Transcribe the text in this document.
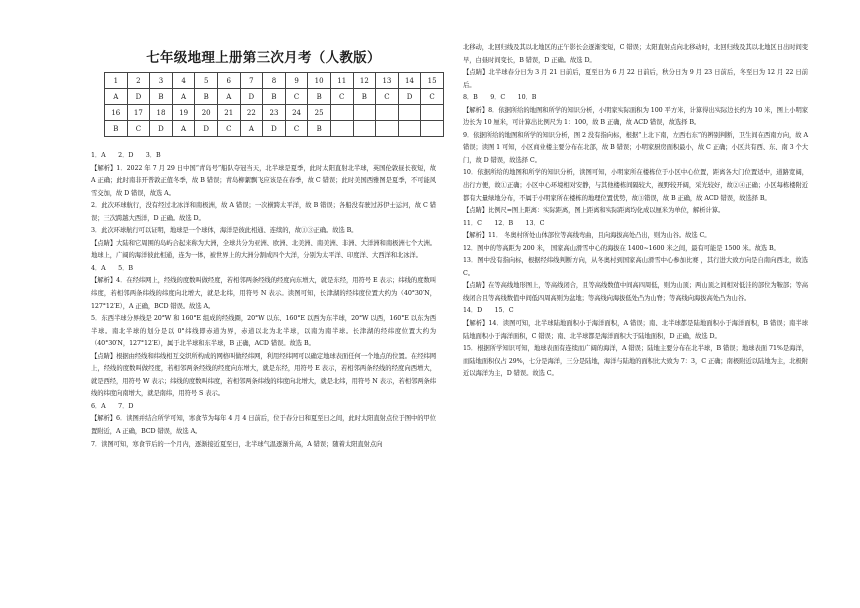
七年级地理上册第三次月考（人教版）
1	2	3	4	5	6	7	8	9	10	11	12	13	14	15
A	D	B	A	B	A	D	B	C	B	C	B	C	D	C
16	17	18	19	20	21	22	23	24	25					
B	C	D	A	D	C	A	D	C	B					

1．A　　2．D　　3．B

【解析】1．2022 年 7 月 29 日中国“青岛号”船队夺冠当天，北半球是夏季，此时太阳直射北半球，英国伦敦昼长夜短，故 A 正确；此时南非开普敦正值冬季，故 B 错误；青岛柳絮飘飞应该是在春季，故 C 错误；此时美国西雅图是夏季，不可能风雪交加，故 D 错误，故选 A。

2．此次环球航行，没有经过北冰洋和南极洲，故 A 错误；一次横跨太平洋，故 B 错误；各船没有驶过苏伊士运河，故 C 错误；三次跨越大西洋，D 正确。故选 D。

3．此次环球航行可以证明，地球是一个球体，海洋是彼此相通、连续的，故①③正确。故选 B。

【点睛】大陆和它周围的岛屿合起来称为大洲，全球共分为亚洲、欧洲、北美洲、南美洲、非洲、大洋洲和南极洲七个大洲。地球上，广阔的海洋彼此相通，连为一体，被世界上的大洲分割成四个大洋，分别为太平洋、印度洋、大西洋和北冰洋。

4．A　　5．B

【解析】4．在经纬网上，经线的度数叫做经度，若相邻两条经线的经度向东增大，就是东经，用符号 E 表示；纬线的度数叫纬度，若相邻两条纬线的纬度向北增大，就是北纬，用符号 N 表示。读图可知，长津湖的经纬度位置大约为（40°30′N，127°12′E），A 正确，BCD 错误。故选 A。

5．东西半球分界线是 20°W 和 160°E 组成的经线圈，20°W 以东、160°E 以西为东半球，20°W 以西，160°E 以东为西半球。南北半球的划分是以 0°纬线即赤道为界，赤道以北为北半球，以南为南半球。长津湖的经纬度位置大约为（40°30′N，127°12′E），属于北半球和东半球，B 正确，ACD 错误。故选 B。

【点睛】根据由经线和纬线相互交织所构成的网格叫做经纬网，利用经纬网可以确定地球表面任何一个地点的位置。在经纬网上，经线的度数叫做经度，若相邻两条经线的经度向东增大，就是东经，用符号 E 表示，若相邻两条经线的经度向西增大，就是西经，用符号 W 表示；纬线的度数叫纬度，若相邻两条纬线的纬度向北增大，就是北纬，用符号 N 表示，若相邻两条纬线的纬度向南增大，就是南纬，用符号 S 表示。

6．A　　7．D

【解析】6．读图并结合所学可知，寒食节为每年 4 月 4 日前后，位于春分日和夏至日之间，此时太阳直射点位于图中的甲位置附近，A 正确，BCD 错误，故选 A。

7．读图可知，寒食节后的一个月内，逐渐接近夏至日，北半球气温逐渐升高，A 错误；随着太阳直射点向

北移动，北回归线及其以北地区的正午影长会逐渐变短，C 错误；太阳直射点向北移动时，北回归线及其以北地区日出时间变早，白昼时间变长，B 错误，D 正确。故选 D。

【点睛】北半球春分日为 3 月 21 日前后，夏至日为 6 月 22 日前后，秋分日为 9 月 23 日前后，冬至日为 12 月 22 日前后。

8．B　　9．C　　10．B

【解析】8．依据所给的地图和所学的知识分析，小明家实际面积为 100 平方米，计算得出实际边长约为 10 米，图上小明家边长为 10 厘米，可计算出比例尺为 1：100，故 B 正确，故 ACD 错误，故选择 B。

9．依据所给的地图和所学的知识分析，图 2 没有指向标，根据“上北下南，左西右东”的辨别判断，卫生间在西南方向，故 A 错误；读图 1 可知，小区商业楼主要分布在北部，故 B 错误；小明家厨房面积最小，故 C 正确；小区共有西、东、南 3 个大门，故 D 错误，故选择 C。

10．依据所给的地图和所学的知识分析，读图可知，小明家所在楼栋位于小区中心位置，距离各大门位置适中，道路宽阔，出行方便，故①正确；小区中心环境相对安静，与其他楼栋间隔较大，视野较开阔，采光较好，故②④正确；小区每栋楼附近都有大量绿地分布，不属于小明家所在楼栋的地理位置优势，故③错误，故 B 正确，故 ACD 错误，故选择 B。

【点睛】比例尺=图上距离：实际距离，图上距离和实际距离均化成以厘米为单位，解析计算。

11．C　　12．B　　13．C

【解析】11． 冬奥村所处山体部位等高线弯曲，且向海拔高处凸出，则为山谷。故选 C。

12．图中的等高距为 200 米， 国家高山滑雪中心的海拔在 1400~1600 米之间，最有可能是 1500 米。故选 B。

13．图中没有指向标，根据经纬线判断方向，从冬奥村到国家高山滑雪中心参加比赛 ，其行进大致方向是自南向西北，故选 C。

【点睛】在等高线地形图上，等高线闭合，且等高线数值中间高四周低，则为山顶；两山顶之间相对低洼的部位为鞍部；等高线闭合且等高线数值中间低四周高则为盆地；等高线向海拔低处凸为山脊；等高线向海拔高处凸为山谷。

14．D　　15．C

【解析】14．读图可知，北半球陆地面积小于海洋面积，A 错误；南、北半球都是陆地面积小于海洋面积，B 错误；南半球陆地面积小于海洋面积，C 错误；南、北半球都是海洋面积大于陆地面积，D 正确，故选 D。

15．根据所学知识可知，地球表面有连续而广阔的海洋，A 错误；陆地主要分布在北半球，B 错误；地球表面 71%是海洋，而陆地面积仅占 29%，七分是海洋，三分是陆地，海洋与陆地的面积比大致为 7：3，C 正确；南极附近以陆地为主，北极附近以海洋为主，D 错误。故选 C。
